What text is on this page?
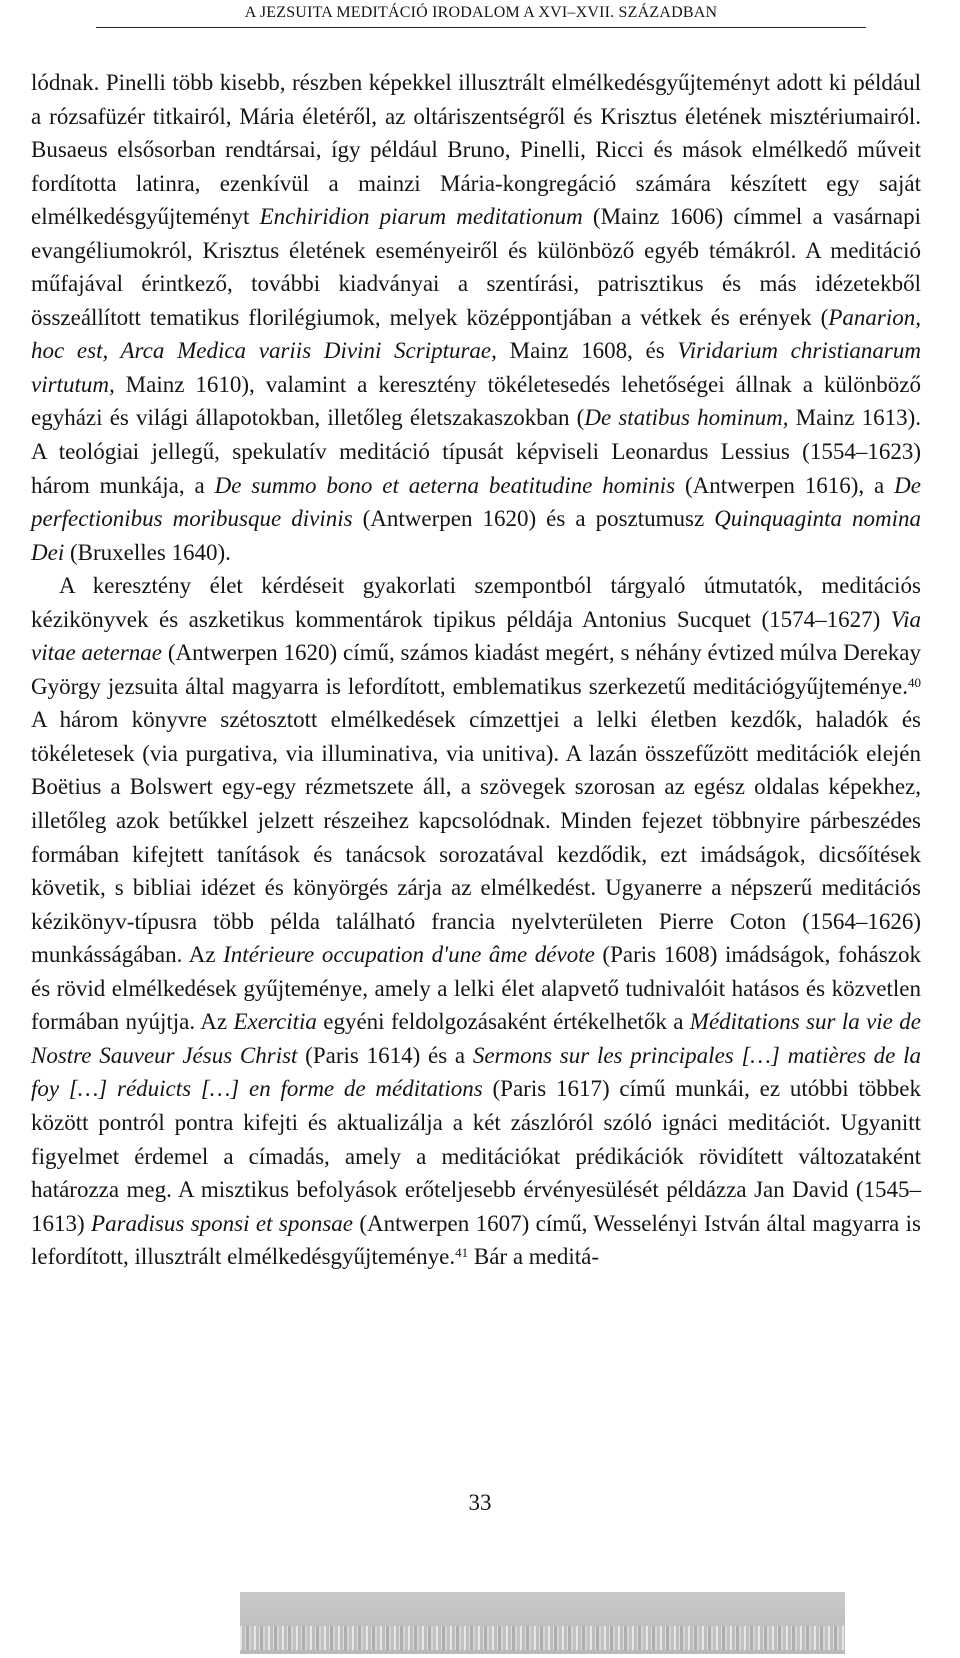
A JEZSUITA MEDITÁCIÓ IRODALOM A XVI–XVII. SZÁZADBAN

lódnak. Pinelli több kisebb, részben képekkel illusztrált elmélkedésgyűjteményt adott ki például a rózsafüzér titkairól, Mária életéről, az oltáriszentségről és Krisztus életének misztériumairól. Busaeus elsősorban rendtársai, így például Bruno, Pinelli, Ricci és mások elmélkedő műveit fordította latinra, ezenkívül a mainzi Mária-kongregáció számára készített egy saját elmélkedésgyűjteményt Enchiridion piarum meditationum (Mainz 1606) címmel a vasárnapi evangéliumokról, Krisztus életének eseményeiről és különböző egyéb témákról. A meditáció műfajával érintkező, további kiadványai a szentírási, patrisztikus és más idézetekből összeállított tematikus florilégiumok, melyek középpontjában a vétkek és erények (Panarion, hoc est, Arca Medica variis Divini Scripturae, Mainz 1608, és Viridarium christianarum virtutum, Mainz 1610), valamint a keresztény tökéletesedés lehetőségei állnak a különböző egyházi és világi állapotokban, illetőleg életszakaszokban (De statibus hominum, Mainz 1613). A teológiai jellegű, spekulatív meditáció típusát képviseli Leonardus Lessius (1554–1623) három munkája, a De summo bono et aeterna beatitudine hominis (Antwerpen 1616), a De perfectionibus moribusque divinis (Antwerpen 1620) és a posztumusz Quinquaginta nomina Dei (Bruxelles 1640).

A keresztény élet kérdéseit gyakorlati szempontból tárgyaló útmutatók, meditációs kézikönyvek és aszketikus kommentárok tipikus példája Antonius Sucquet (1574–1627) Via vitae aeternae (Antwerpen 1620) című, számos kiadást megért, s néhány évtized múlva Derekay György jezsuita által magyarra is lefordított, emblematikus szerkezetű meditációgyűjteménye.$^{40}$ A három könyvre szétosztott elmélkedések címzettjei a lelki életben kezdők, haladók és tökéletesek (via purgativa, via illuminativa, via unitiva). A lazán összefűzött meditációk elején Boëtius a Bolswert egy-egy rézmetszete áll, a szövegek szorosan az egész oldalas képekhez, illetőleg azok betűkkel jelzett részeihez kapcsolódnak. Minden fejezet többnyire párbeszédes formában kifejtett tanítások és tanácsok sorozatával kezdődik, ezt imádságok, dicsőítések követik, s bibliai idézet és könyörgés zárja az elmélkedést. Ugyanerre a népszerű meditációs kézikönyv-típusra több példa található francia nyelvterületen Pierre Coton (1564–1626) munkásságában. Az Intérieure occupation d'une âme dévote (Paris 1608) imádságok, fohászok és rövid elmélkedések gyűjteménye, amely a lelki élet alapvető tudnivalóit hatásos és közvetlen formában nyújtja. Az Exercitia egyéni feldolgozásaként értékelhetők a Méditations sur la vie de Nostre Sauveur Jésus Christ (Paris 1614) és a Sermons sur les principales […] matières de la foy […] réduicts […] en forme de méditations (Paris 1617) című munkái, ez utóbbi többek között pontról pontra kifejti és aktualizálja a két zászlóról szóló ignáci meditációt. Ugyanitt figyelmet érdemel a címadás, amely a meditációkat prédikációk rövidített változataként határozza meg. A misztikus befolyások erőteljesebb érvényesülését példázza Jan David (1545–1613) Paradisus sponsi et sponsae (Antwerpen 1607) című, Wesselényi István által magyarra is lefordított, illusztrált elmélkedésgyűjteménye.$^{41}$ Bár a meditá-

33
